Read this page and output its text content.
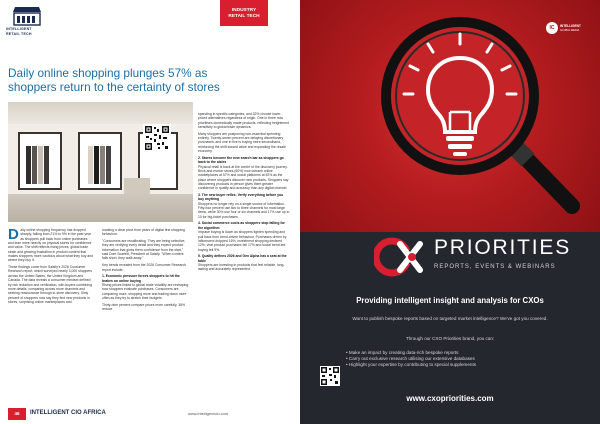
INTELLIGENT
RETAIL TECH
INDUSTRY
RETAIL TECH
Daily online shopping plunges 57% as
shoppers return to the certainty of stores

D aily online shopping frequency has dropped sharply, falling from 21% to 9% in the past year as shoppers pull back from online purchases and lean more heavily on physical stores for confidence and value. The shift reflects rising prices, global trade strain and growing frustration in product content that makes shoppers more cautious about what they buy and where they buy it.

These findings come from Salsify's 2026 Consumer Research report, which surveyed nearly 3,000 shoppers across the United States, the United Kingdom and Canada. The data reveals a consumer mindset defined by risk reduction and verification, with buyers combining more details, comparing across more channels and seeking reassurance through in-store discovery. Sixty percent of shoppers now say they find new products in stores, surprising online marketplaces and

marking a clear pivot from years of digital first shopping behaviour.

"Consumers are recalibrating. They are being selective, they are verifying every detail and they expect product information that gives them confidence from the start," said Dom Scarlett, President at Salsify. "When content falls short, they walk away."

Key trends revealed from the 2026 Consumer Research report include:

1. Economic pressure forces shoppers to hit the brakes on online buying
Rising prices linked to global trade volatility are reshaping how shoppers evaluate purchases. Consumers are comparing more, shopping more and trading down more often as they try to stretch their budgets.

Thirty-nine percent compare prices more carefully, 38% reduce

spending in specific categories, and 32% choose lower-priced alternatives regardless of origin. One in three now prioritises domestically made products, reflecting heightened sensitivity to global trade dynamics.

Many shoppers are postponing non-essential spending entirely. Twenty-seven percent are delaying discretionary purchases, and one in five is buying more secondhand, reinforcing the shift toward value and expanding the resale economy.

2. Stores become the new search bar as shoppers go back to the aisles
Physical retail is back at the centre of the discovery journey. Brick-and-mortar stores (60%) now outrank online marketplaces at 57% and social platforms at 52% as the place where shoppers discover new products. Shoppers say discovering products in person gives them greater confidence in quality and accuracy than any digital channel.
3. The new buyer reflex: Verify everything before you buy anything
Shoppers no longer rely on a single source of information. Fifty-four percent use two to three channels for most large items, while 30% use four or six channels and 17% use up to 10 for big-ticket purchases.
4. Social commerce cools as shoppers stop falling for the algorithm
Impulse buying is down as shoppers tighten spending and pull back from trend-driven behaviour. Purchases driven by influencers dropped 16%, investment shopping declined 12%, viral product purchases fell 17% and social trend-led buying fell 9%.
5. Quality defines 2026 and Gen Alpha has a seat at the table
Shoppers are investing in products that feel reliable, long-lasting and accurately represented.
46	INTELLIGENT CIO AFRICA	www.intelligentcio.com
IC	INTELLIGENT
GLOBAL MEDIA
PRIORITIES
REPORTS, EVENTS & WEBINARS
Providing intelligent insight and analysis for CXOs
Want to publish bespoke reports based on targeted market intelligence? We've got you covered.
Through our CXO Priorities brand, you can:
• Make an impact by creating data-rich bespoke reports
• Carry out exclusive research utilising our extensive databases
• Highlight your expertise by contributing to special supplements
www.cxopriorities.com
